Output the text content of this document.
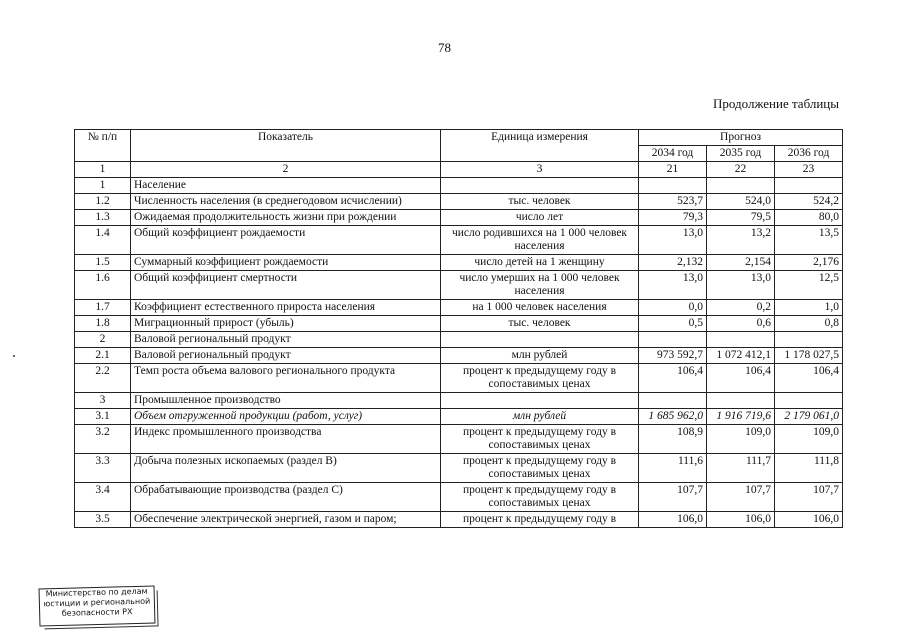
78
Продолжение таблицы
№ п/п	Показатель	Единица измерения	Прогноз		
			2034 год	2035 год	2036 год
1	2	3	21	22	23
1	Население				
1.2	Численность населения (в среднегодовом исчислении)	тыс. человек	523,7	524,0	524,2
1.3	Ожидаемая продолжительность жизни при рождении	число лет	79,3	79,5	80,0
1.4	Общий коэффициент рождаемости	число родившихся на 1 000 человек населения	13,0	13,2	13,5
1.5	Суммарный коэффициент рождаемости	число детей на 1 женщину	2,132	2,154	2,176
1.6	Общий коэффициент смертности	число умерших на 1 000 человек населения	13,0	13,0	12,5
1.7	Коэффициент естественного прироста населения	на 1 000 человек населения	0,0	0,2	1,0
1.8	Миграционный прирост (убыль)	тыс. человек	0,5	0,6	0,8
2	Валовой региональный продукт				
2.1	Валовой региональный продукт	млн рублей	973 592,7	1 072 412,1	1 178 027,5
2.2	Темп роста объема валового регионального продукта	процент к предыдущему году в сопоставимых ценах	106,4	106,4	106,4
3	Промышленное производство				
3.1	Объем отгруженной продукции (работ, услуг)	млн рублей	1 685 962,0	1 916 719,6	2 179 061,0
3.2	Индекс промышленного производства	процент к предыдущему году в сопоставимых ценах	108,9	109,0	109,0
3.3	Добыча полезных ископаемых (раздел B)	процент к предыдущему году в сопоставимых ценах	111,6	111,7	111,8
3.4	Обрабатывающие производства (раздел C)	процент к предыдущему году в сопоставимых ценах	107,7	107,7	107,7
3.5	Обеспечение электрической энергией, газом и паром;	процент к предыдущему году в	106,0	106,0	106,0
Министерство по делам
юстиции и региональной
безопасности РХ
